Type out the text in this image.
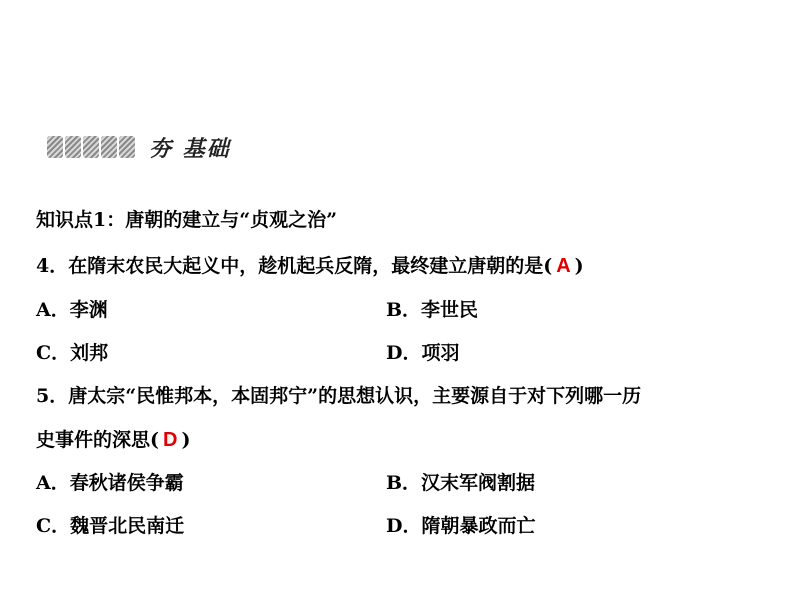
夯 基础
知识点1：唐朝的建立与“贞观之治”
4．在隋末农民大起义中，趁机起兵反隋，最终建立唐朝的是( A )
A．李渊	B．李世民
C．刘邦	D．项羽
5．唐太宗“民惟邦本，本固邦宁”的思想认识，主要源自于对下列哪一历
史事件的深思( D )
A．春秋诸侯争霸	B．汉末军阀割据
C．魏晋北民南迁	D．隋朝暴政而亡
